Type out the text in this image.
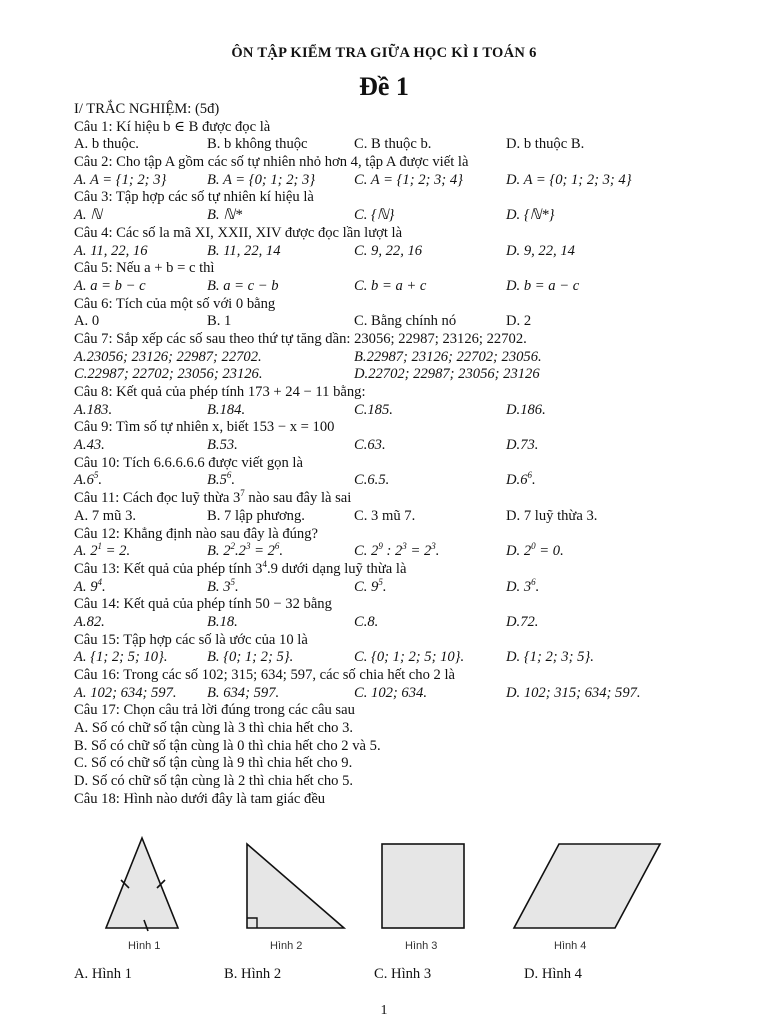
ÔN TẬP KIỂM TRA GIỮA HỌC KÌ I TOÁN 6
Đề 1
I/ TRẮC NGHIỆM: (5đ)
Câu 1: Kí hiệu b ∈ B được đọc là
A. b thuộc.	B. b không thuộc	C. B thuộc b.	D. b thuộc B.
Câu 2: Cho tập A gồm các số tự nhiên nhỏ hơn 4, tập A được viết là
A. A = {1; 2; 3}	B. A = {0; 1; 2; 3}	C. A = {1; 2; 3; 4}	D. A = {0; 1; 2; 3; 4}
Câu 3: Tập hợp các số tự nhiên kí hiệu là
A. ℕ	B. ℕ*	C. {ℕ}	D. {ℕ*}
Câu 4: Các số la mã XI, XXII, XIV được đọc lần lượt là
A. 11, 22, 16	B. 11, 22, 14	C. 9, 22, 16	D. 9, 22, 14
Câu 5: Nếu a + b = c thì
A. a = b − c	B. a = c − b	C. b = a + c	D. b = a − c
Câu 6: Tích của một số với 0 bằng
A. 0	B. 1	C. Bằng chính nó	D. 2
Câu 7: Sắp xếp các số sau theo thứ tự tăng dần: 23056; 22987; 23126; 22702.
A.23056; 23126; 22987; 22702.	B.22987; 23126; 22702; 23056.
C.22987; 22702; 23056; 23126.	D.22702; 22987; 23056; 23126
Câu 8: Kết quả của phép tính 173 + 24 − 11 bằng:
A.183.	B.184.	C.185.	D.186.
Câu 9: Tìm số tự nhiên x, biết 153 − x = 100
A.43.	B.53.	C.63.	D.73.
Câu 10: Tích 6.6.6.6.6 được viết gọn là
$A.6^5$.	$B.5^6$.	C.6.5.	$D.6^6$.
Câu 11: Cách đọc luỹ thừa $3^7$ nào sau đây là sai
A. 7 mũ 3.	B. 7 lập phương.	C. 3 mũ 7.	D. 7 luỹ thừa 3.
Câu 12: Khẳng định nào sau đây là đúng?
A. $2^1 = 2$.	B. $2^2.2^3 = 2^6$.	C. $2^9$ : $2^3 = 2^3$.	D. $2^0 = 0$.
Câu 13: Kết quả của phép tính $3^4.9$ dưới dạng luỹ thừa là
A. $9^4$.	B. $3^5$.	C. $9^5$.	D. $3^6$.
Câu 14: Kết quả của phép tính 50 − 32 bằng
A.82.	B.18.	C.8.	D.72.
Câu 15: Tập hợp các số là ước của 10 là
A. {1; 2; 5; 10}.	B. {0; 1; 2; 5}.	C. {0; 1; 2; 5; 10}.	D. {1; 2; 3; 5}.
Câu 16: Trong các số 102; 315; 634; 597, các số chia hết cho 2 là
A. 102; 634; 597. B. 634; 597.	C. 102; 634.	D. 102; 315; 634; 597.
Câu 17: Chọn câu trả lời đúng trong các câu sau
A. Số có chữ số tận cùng là 3 thì chia hết cho 3.
B. Số có chữ số tận cùng là 0 thì chia hết cho 2 và 5.
C. Số có chữ số tận cùng là 9 thì chia hết cho 9.
D. Số có chữ số tận cùng là 2 thì chia hết cho 5.
Câu 18: Hình nào dưới đây là tam giác đều
Hình 1	Hình 2	Hình 3	Hình 4
A. Hình 1	B. Hình 2	C. Hình 3	D. Hình 4
1
